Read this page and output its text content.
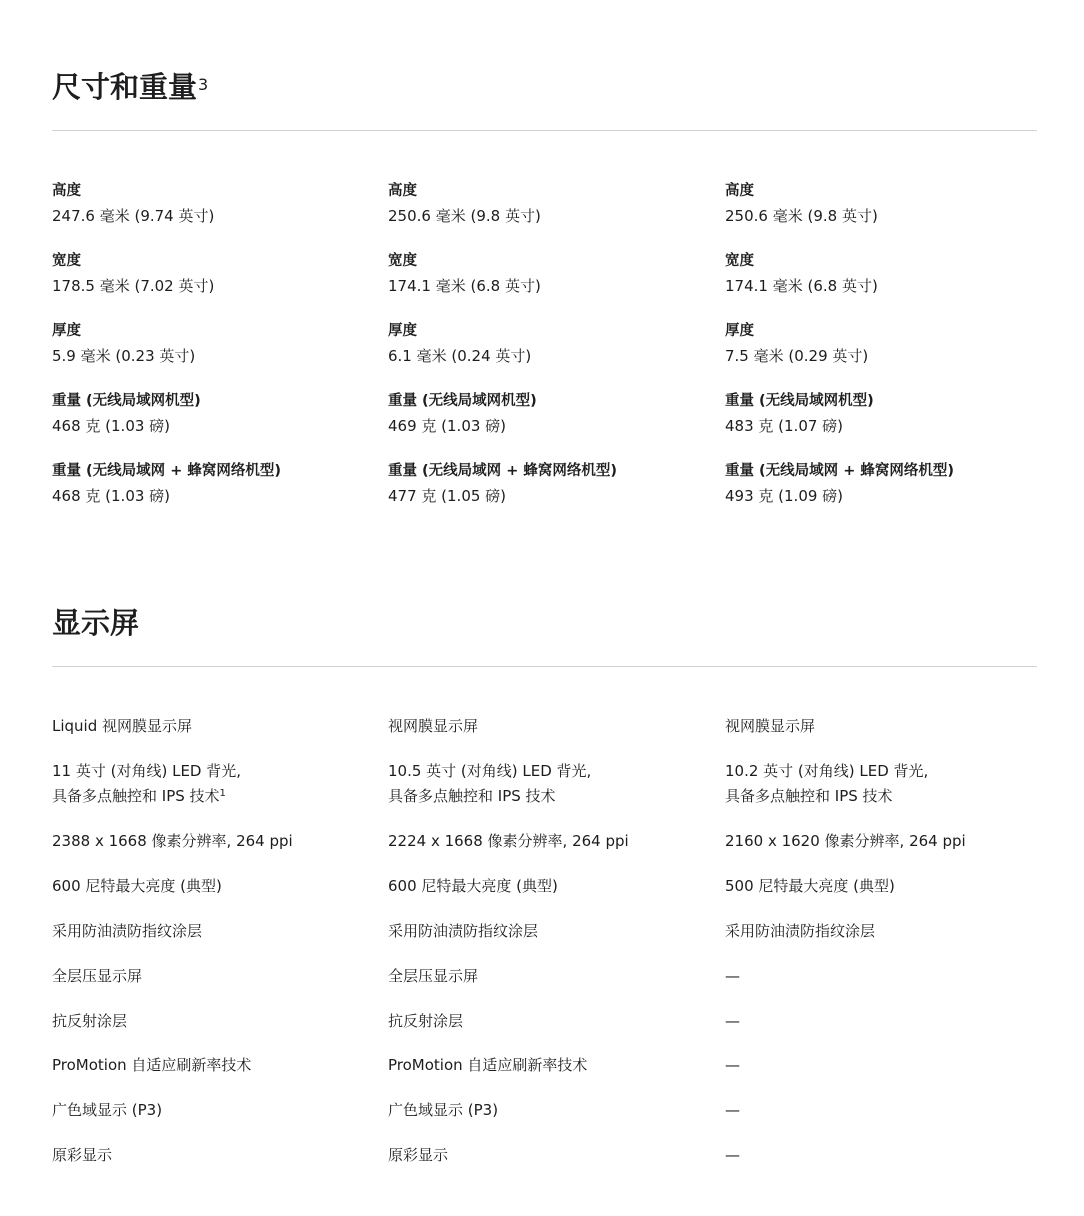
尺寸和重量$^3$
高度
247.6 毫米 (9.74 英寸)
宽度
178.5 毫米 (7.02 英寸)
厚度
5.9 毫米 (0.23 英寸)
重量 (无线局域网机型)
468 克 (1.03 磅)
重量 (无线局域网 + 蜂窝网络机型)
468 克 (1.03 磅)
高度
250.6 毫米 (9.8 英寸)
宽度
174.1 毫米 (6.8 英寸)
厚度
6.1 毫米 (0.24 英寸)
重量 (无线局域网机型)
469 克 (1.03 磅)
重量 (无线局域网 + 蜂窝网络机型)
477 克 (1.05 磅)
高度
250.6 毫米 (9.8 英寸)
宽度
174.1 毫米 (6.8 英寸)
厚度
7.5 毫米 (0.29 英寸)
重量 (无线局域网机型)
483 克 (1.07 磅)
重量 (无线局域网 + 蜂窝网络机型)
493 克 (1.09 磅)
显示屏
Liquid 视网膜显示屏
11 英寸 (对角线) LED 背光,
具备多点触控和 IPS 技术$^1$
2388 x 1668 像素分辨率, 264 ppi
600 尼特最大亮度 (典型)
采用防油渍防指纹涂层
全层压显示屏
抗反射涂层
ProMotion 自适应刷新率技术
广色域显示 (P3)
原彩显示
视网膜显示屏
10.5 英寸 (对角线) LED 背光,
具备多点触控和 IPS 技术
2224 x 1668 像素分辨率, 264 ppi
600 尼特最大亮度 (典型)
采用防油渍防指纹涂层
全层压显示屏
抗反射涂层
ProMotion 自适应刷新率技术
广色域显示 (P3)
原彩显示
视网膜显示屏
10.2 英寸 (对角线) LED 背光,
具备多点触控和 IPS 技术
2160 x 1620 像素分辨率, 264 ppi
500 尼特最大亮度 (典型)
采用防油渍防指纹涂层
—
—
—
—
—
